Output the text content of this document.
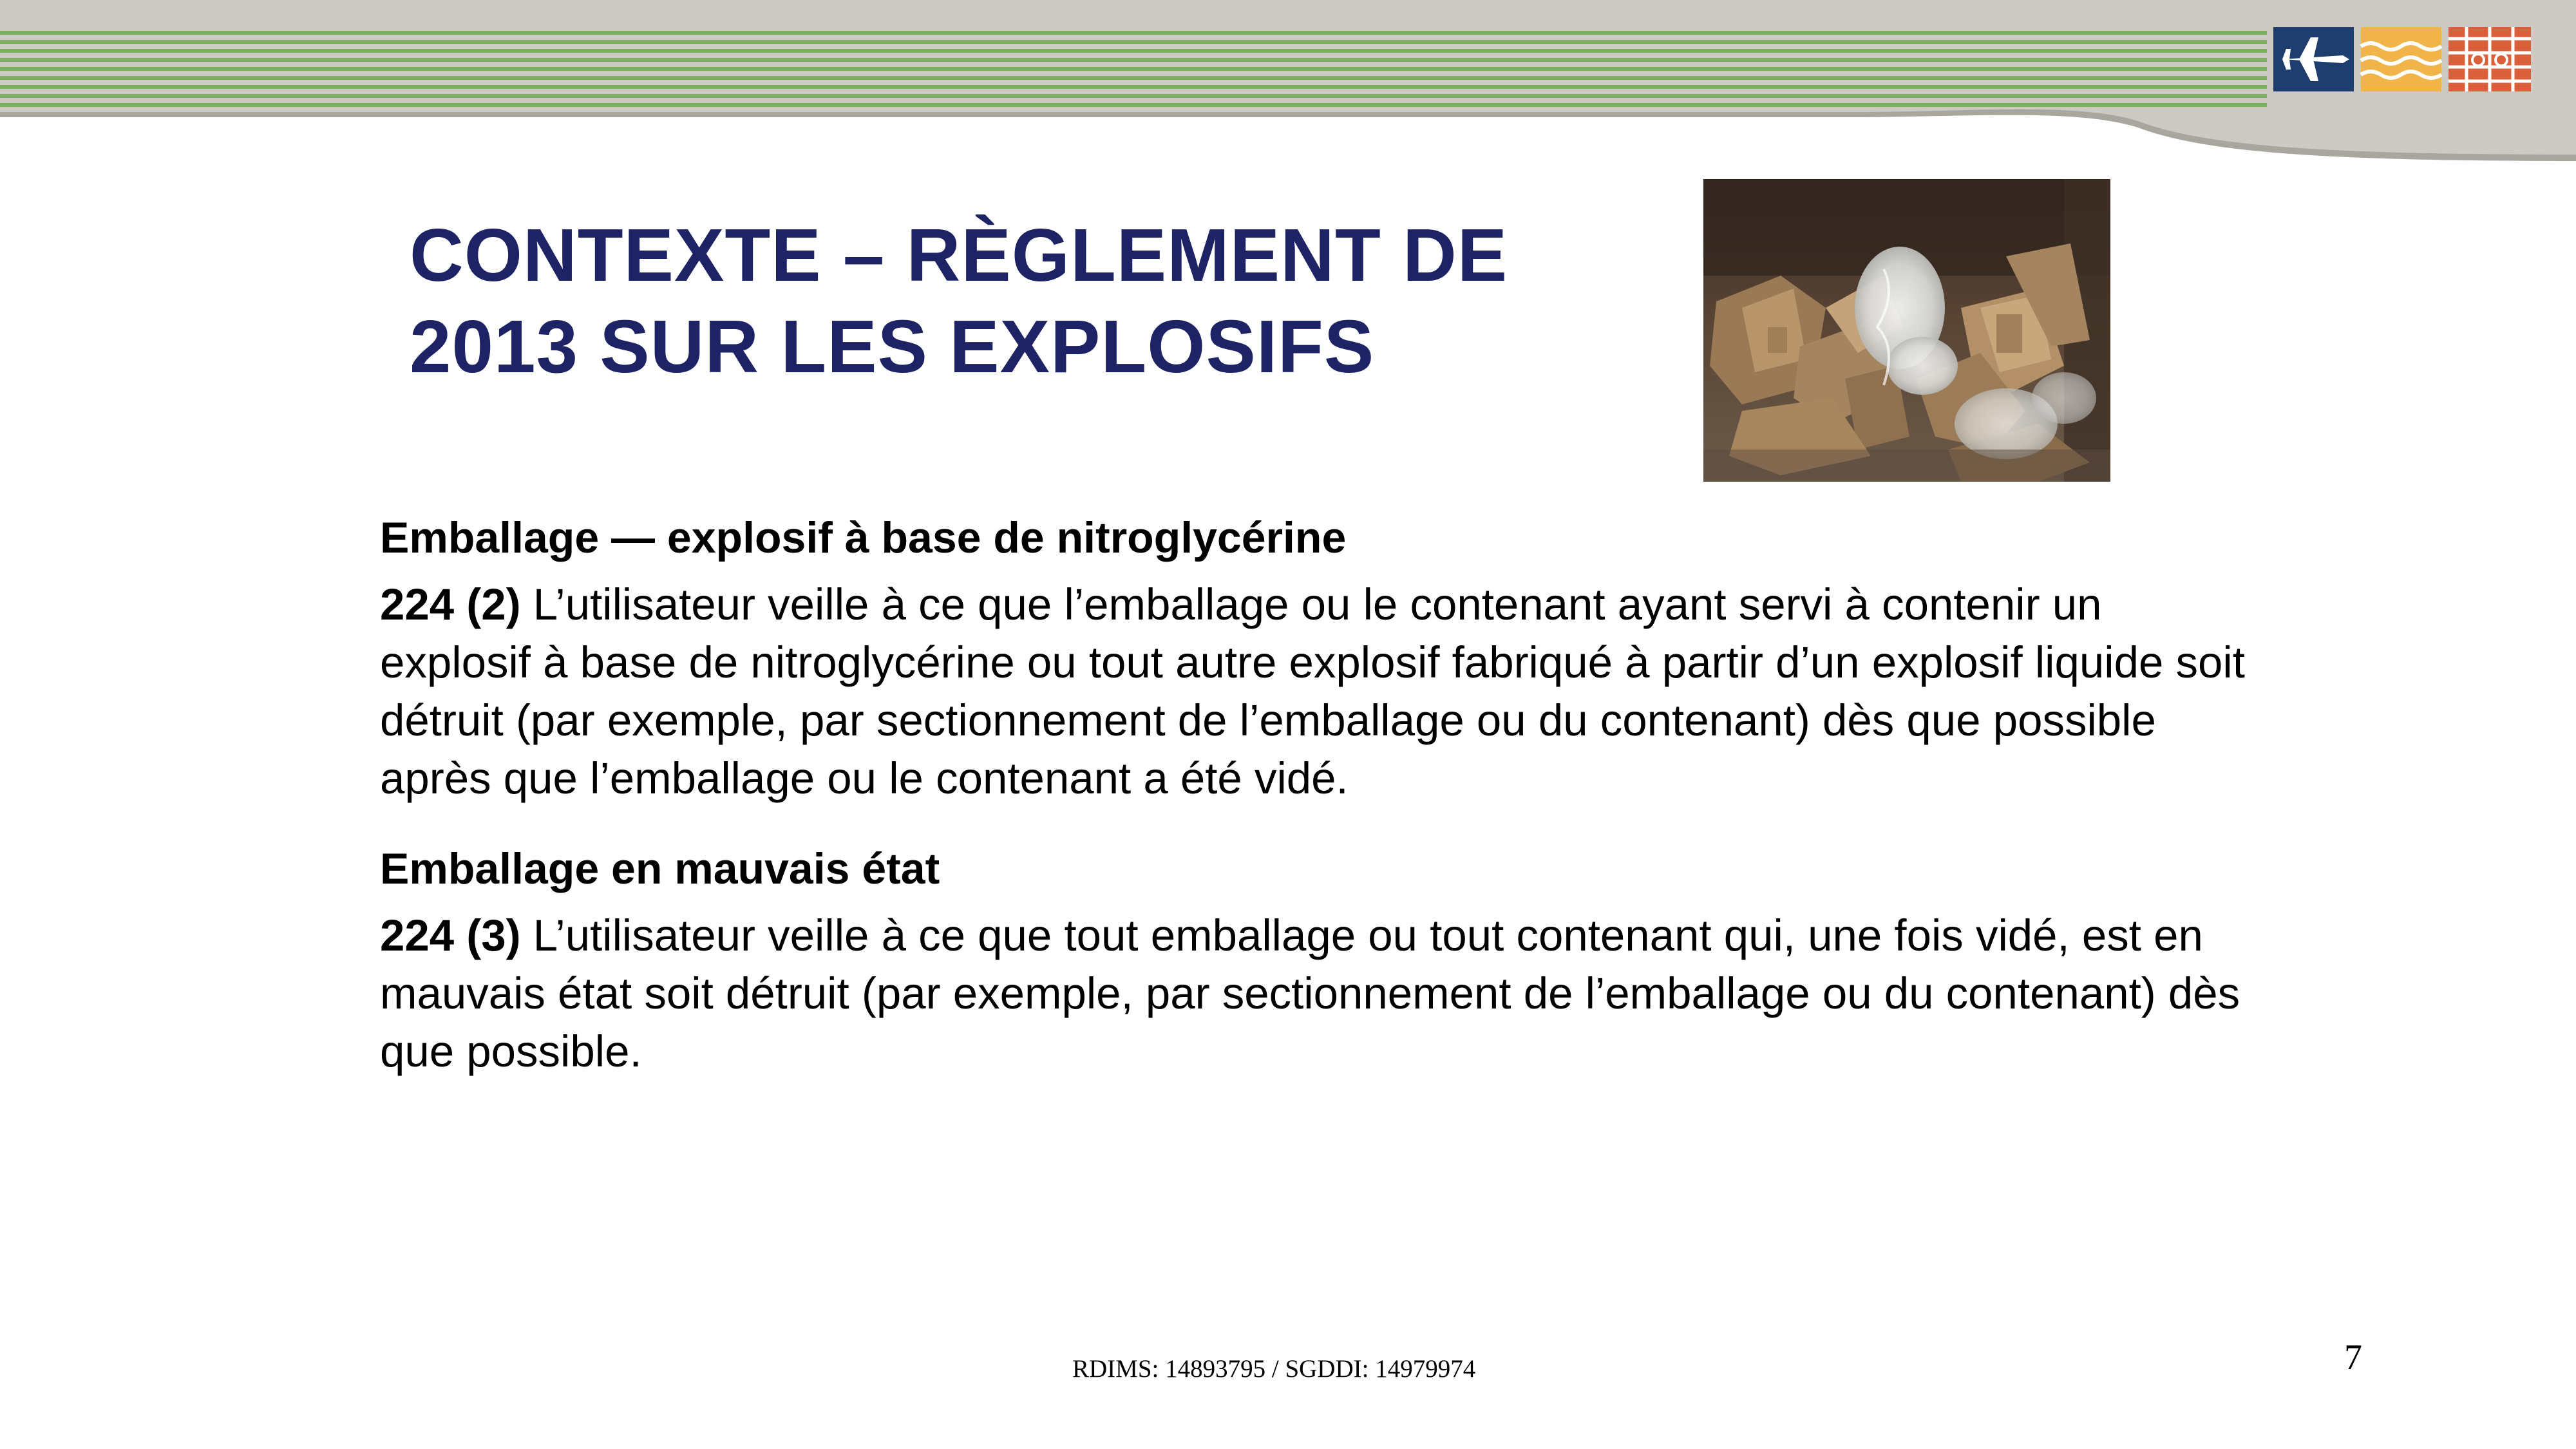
CONTEXTE – RÈGLEMENT DE
2013 SUR LES EXPLOSIFS
Emballage — explosif à base de nitroglycérine
224 (2) L’utilisateur veille à ce que l’emballage ou le contenant ayant servi à contenir un explosif à base de nitroglycérine ou tout autre explosif fabriqué à partir d’un explosif liquide soit détruit (par exemple, par sectionnement de l’emballage ou du contenant) dès que possible après que l’emballage ou le contenant a été vidé.
Emballage en mauvais état
224 (3) L’utilisateur veille à ce que tout emballage ou tout contenant qui, une fois vidé, est en mauvais état soit détruit (par exemple, par sectionnement de l’emballage ou du contenant) dès que possible.
RDIMS: 14893795 / SGDDI: 14979974	7
